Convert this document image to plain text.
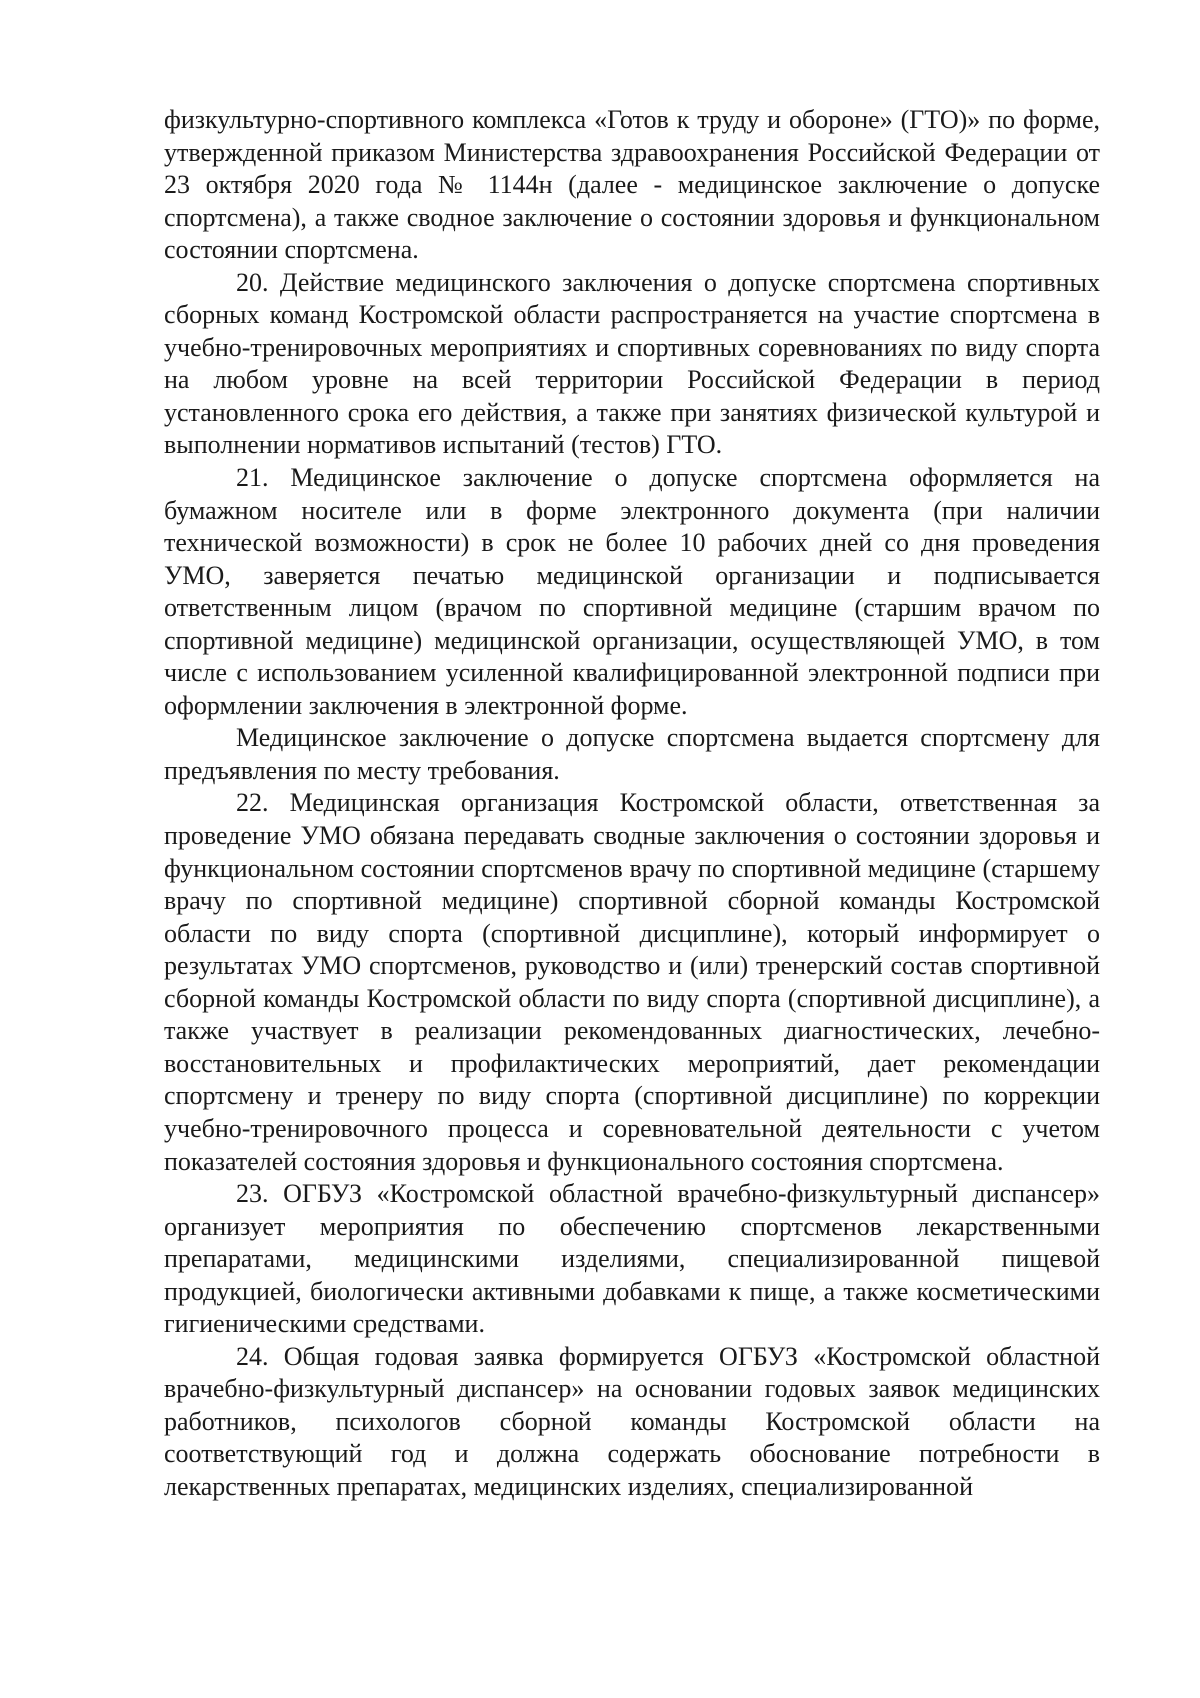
физкультурно-спортивного комплекса «Готов к труду и обороне» (ГТО)» по форме, утвержденной приказом Министерства здравоохранения Российской Федерации от 23 октября 2020 года № 1144н (далее - медицинское заключение о допуске спортсмена), а также сводное заключение о состоянии здоровья и функциональном состоянии спортсмена.

20. Действие медицинского заключения о допуске спортсмена спортивных сборных команд Костромской области распространяется на участие спортсмена в учебно-тренировочных мероприятиях и спортивных соревнованиях по виду спорта на любом уровне на всей территории Российской Федерации в период установленного срока его действия, а также при занятиях физической культурой и выполнении нормативов испытаний (тестов) ГТО.

21. Медицинское заключение о допуске спортсмена оформляется на бумажном носителе или в форме электронного документа (при наличии технической возможности) в срок не более 10 рабочих дней со дня проведения УМО, заверяется печатью медицинской организации и подписывается ответственным лицом (врачом по спортивной медицине (старшим врачом по спортивной медицине) медицинской организации, осуществляющей УМО, в том числе с использованием усиленной квалифицированной электронной подписи при оформлении заключения в электронной форме.

Медицинское заключение о допуске спортсмена выдается спортсмену для предъявления по месту требования.

22. Медицинская организация Костромской области, ответственная за проведение УМО обязана передавать сводные заключения о состоянии здоровья и функциональном состоянии спортсменов врачу по спортивной медицине (старшему врачу по спортивной медицине) спортивной сборной команды Костромской области по виду спорта (спортивной дисциплине), который информирует о результатах УМО спортсменов, руководство и (или) тренерский состав спортивной сборной команды Костромской области по виду спорта (спортивной дисциплине), а также участвует в реализации рекомендованных диагностических, лечебно-восстановительных и профилактических мероприятий, дает рекомендации спортсмену и тренеру по виду спорта (спортивной дисциплине) по коррекции учебно-тренировочного процесса и соревновательной деятельности с учетом показателей состояния здоровья и функционального состояния спортсмена.

23. ОГБУЗ «Костромской областной врачебно-физкультурный диспансер» организует мероприятия по обеспечению спортсменов лекарственными препаратами, медицинскими изделиями, специализированной пищевой продукцией, биологически активными добавками к пище, а также косметическими гигиеническими средствами.

24. Общая годовая заявка формируется ОГБУЗ «Костромской областной врачебно-физкультурный диспансер» на основании годовых заявок медицинских работников, психологов сборной команды Костромской области на соответствующий год и должна содержать обоснование потребности в лекарственных препаратах, медицинских изделиях, специализированной
